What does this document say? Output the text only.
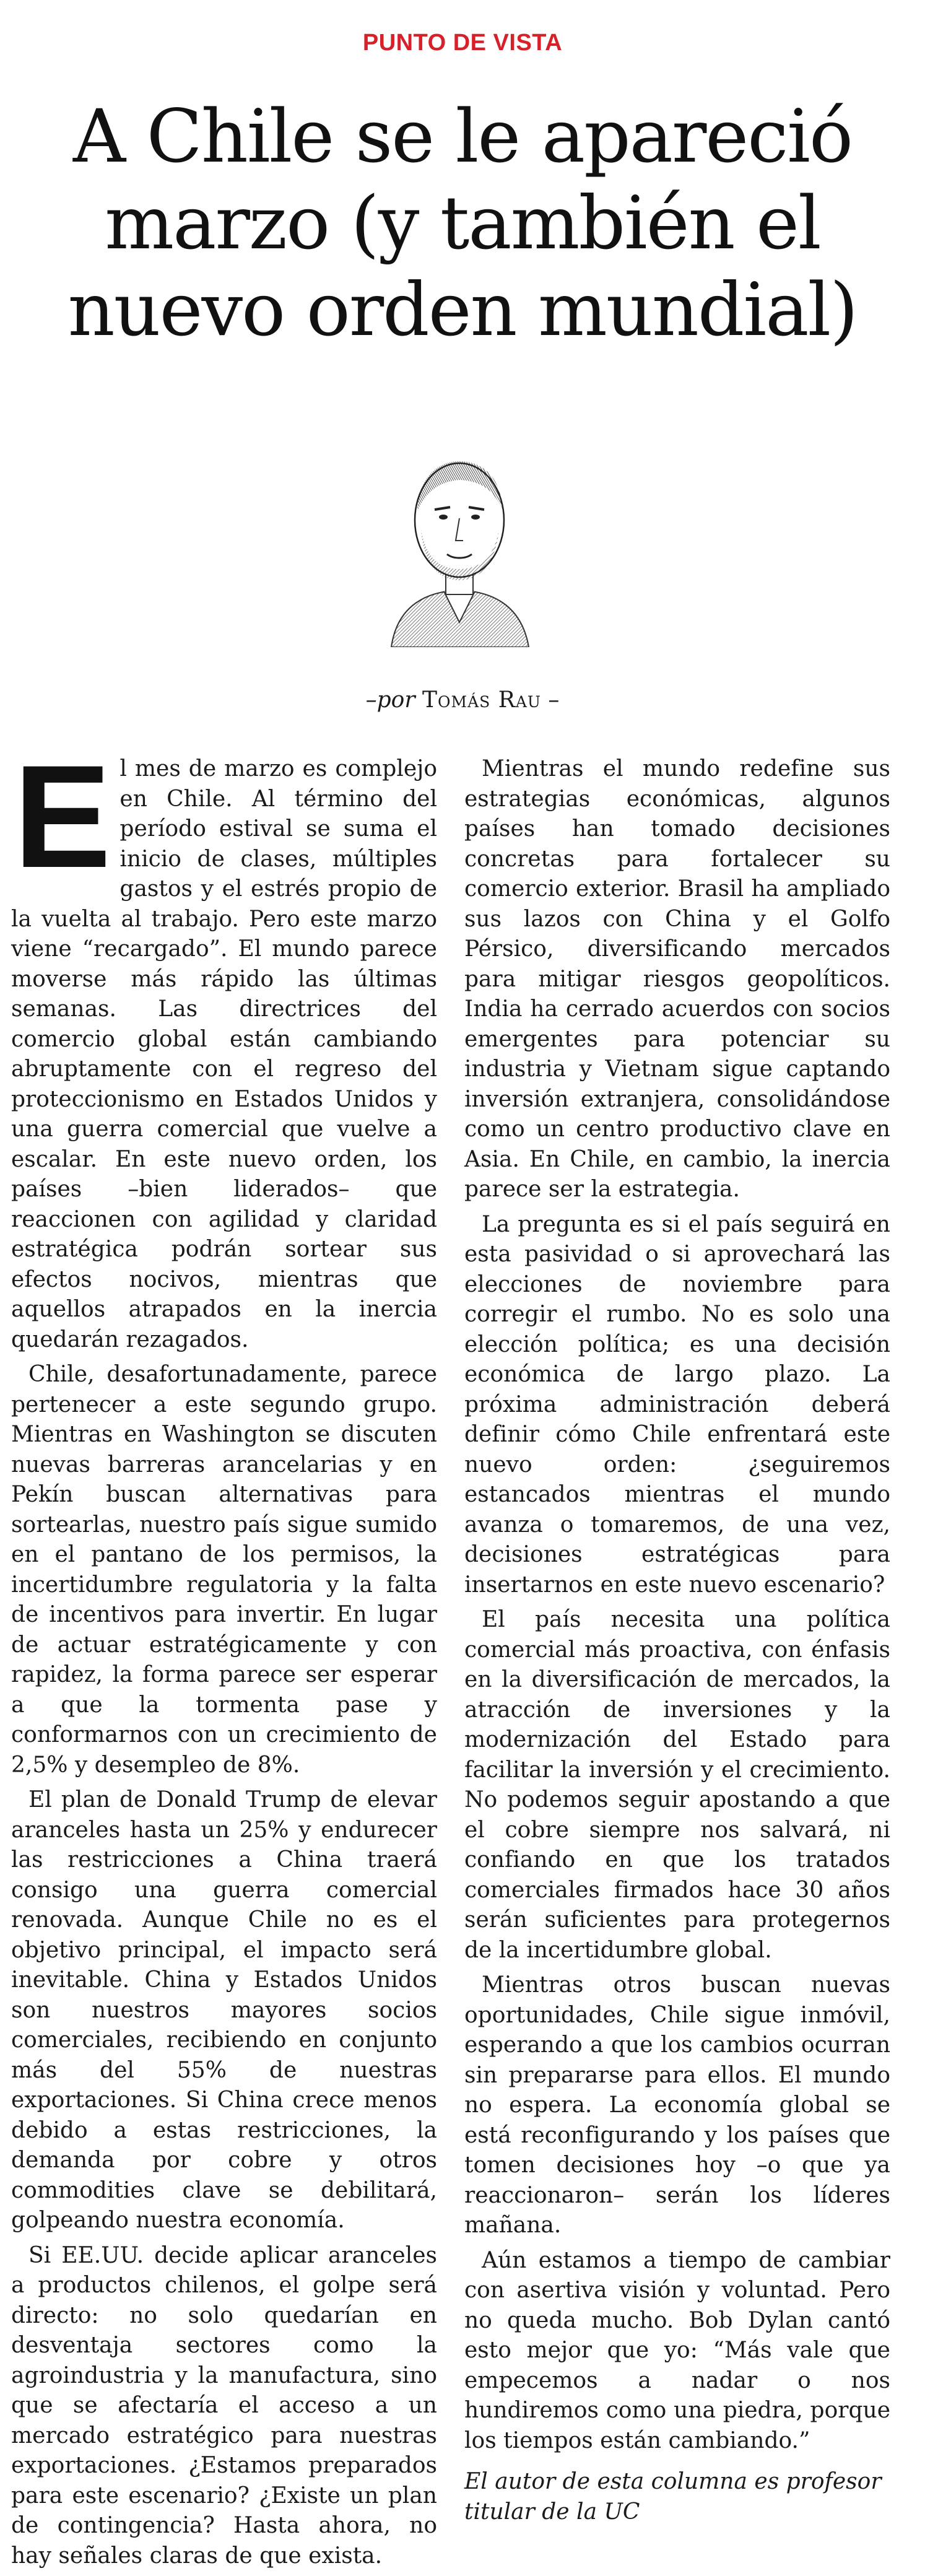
PUNTO DE VISTA
A Chile se le apareció marzo (y también el nuevo orden mundial)
–por Tomás Rau –

El mes de marzo es complejo en Chile. Al término del período estival se suma el inicio de clases, múltiples gastos y el estrés propio de la vuelta al trabajo. Pero este marzo viene “recargado”. El mundo parece moverse más rápido las últimas semanas. Las directrices del comercio global están cambiando abruptamente con el regreso del proteccionismo en Estados Unidos y una guerra comercial que vuelve a escalar. En este nuevo orden, los países –bien liderados– que reaccionen con agilidad y claridad estratégica podrán sortear sus efectos nocivos, mientras que aquellos atrapados en la inercia quedarán rezagados.

Chile, desafortunadamente, parece pertenecer a este segundo grupo. Mientras en Washington se discuten nuevas barreras arancelarias y en Pekín buscan alternativas para sortearlas, nuestro país sigue sumido en el pantano de los permisos, la incertidumbre regulatoria y la falta de incentivos para invertir. En lugar de actuar estratégicamente y con rapidez, la forma parece ser esperar a que la tormenta pase y conformarnos con un crecimiento de 2,5% y desempleo de 8%.

El plan de Donald Trump de elevar aranceles hasta un 25% y endurecer las restricciones a China traerá consigo una guerra comercial renovada. Aunque Chile no es el objetivo principal, el impacto será inevitable. China y Estados Unidos son nuestros mayores socios comerciales, recibiendo en conjunto más del 55% de nuestras exportaciones. Si China crece menos debido a estas restricciones, la demanda por cobre y otros commodities clave se debilitará, golpeando nuestra economía.

Si EE.UU. decide aplicar aranceles a productos chilenos, el golpe será directo: no solo quedarían en desventaja sectores como la agroindustria y la manufactura, sino que se afectaría el acceso a un mercado estratégico para nuestras exportaciones. ¿Estamos preparados para este escenario? ¿Existe un plan de contingencia? Hasta ahora, no hay señales claras de que exista.

Mientras el mundo redefine sus estrategias económicas, algunos países han tomado decisiones concretas para fortalecer su comercio exterior. Brasil ha ampliado sus lazos con China y el Golfo Pérsico, diversificando mercados para mitigar riesgos geopolíticos. India ha cerrado acuerdos con socios emergentes para potenciar su industria y Vietnam sigue captando inversión extranjera, consolidándose como un centro productivo clave en Asia. En Chile, en cambio, la inercia parece ser la estrategia.

La pregunta es si el país seguirá en esta pasividad o si aprovechará las elecciones de noviembre para corregir el rumbo. No es solo una elección política; es una decisión económica de largo plazo. La próxima administración deberá definir cómo Chile enfrentará este nuevo orden: ¿seguiremos estancados mientras el mundo avanza o tomaremos, de una vez, decisiones estratégicas para insertarnos en este nuevo escenario?

El país necesita una política comercial más proactiva, con énfasis en la diversificación de mercados, la atracción de inversiones y la modernización del Estado para facilitar la inversión y el crecimiento. No podemos seguir apostando a que el cobre siempre nos salvará, ni confiando en que los tratados comerciales firmados hace 30 años serán suficientes para protegernos de la incertidumbre global.

Mientras otros buscan nuevas oportunidades, Chile sigue inmóvil, esperando a que los cambios ocurran sin prepararse para ellos. El mundo no espera. La economía global se está reconfigurando y los países que tomen decisiones hoy –o que ya reaccionaron– serán los líderes mañana.

Aún estamos a tiempo de cambiar con asertiva visión y voluntad. Pero no queda mucho. Bob Dylan cantó esto mejor que yo: “Más vale que empecemos a nadar o nos hundiremos como una piedra, porque los tiempos están cambiando.”

El autor de esta columna es profesor titular de la UC
